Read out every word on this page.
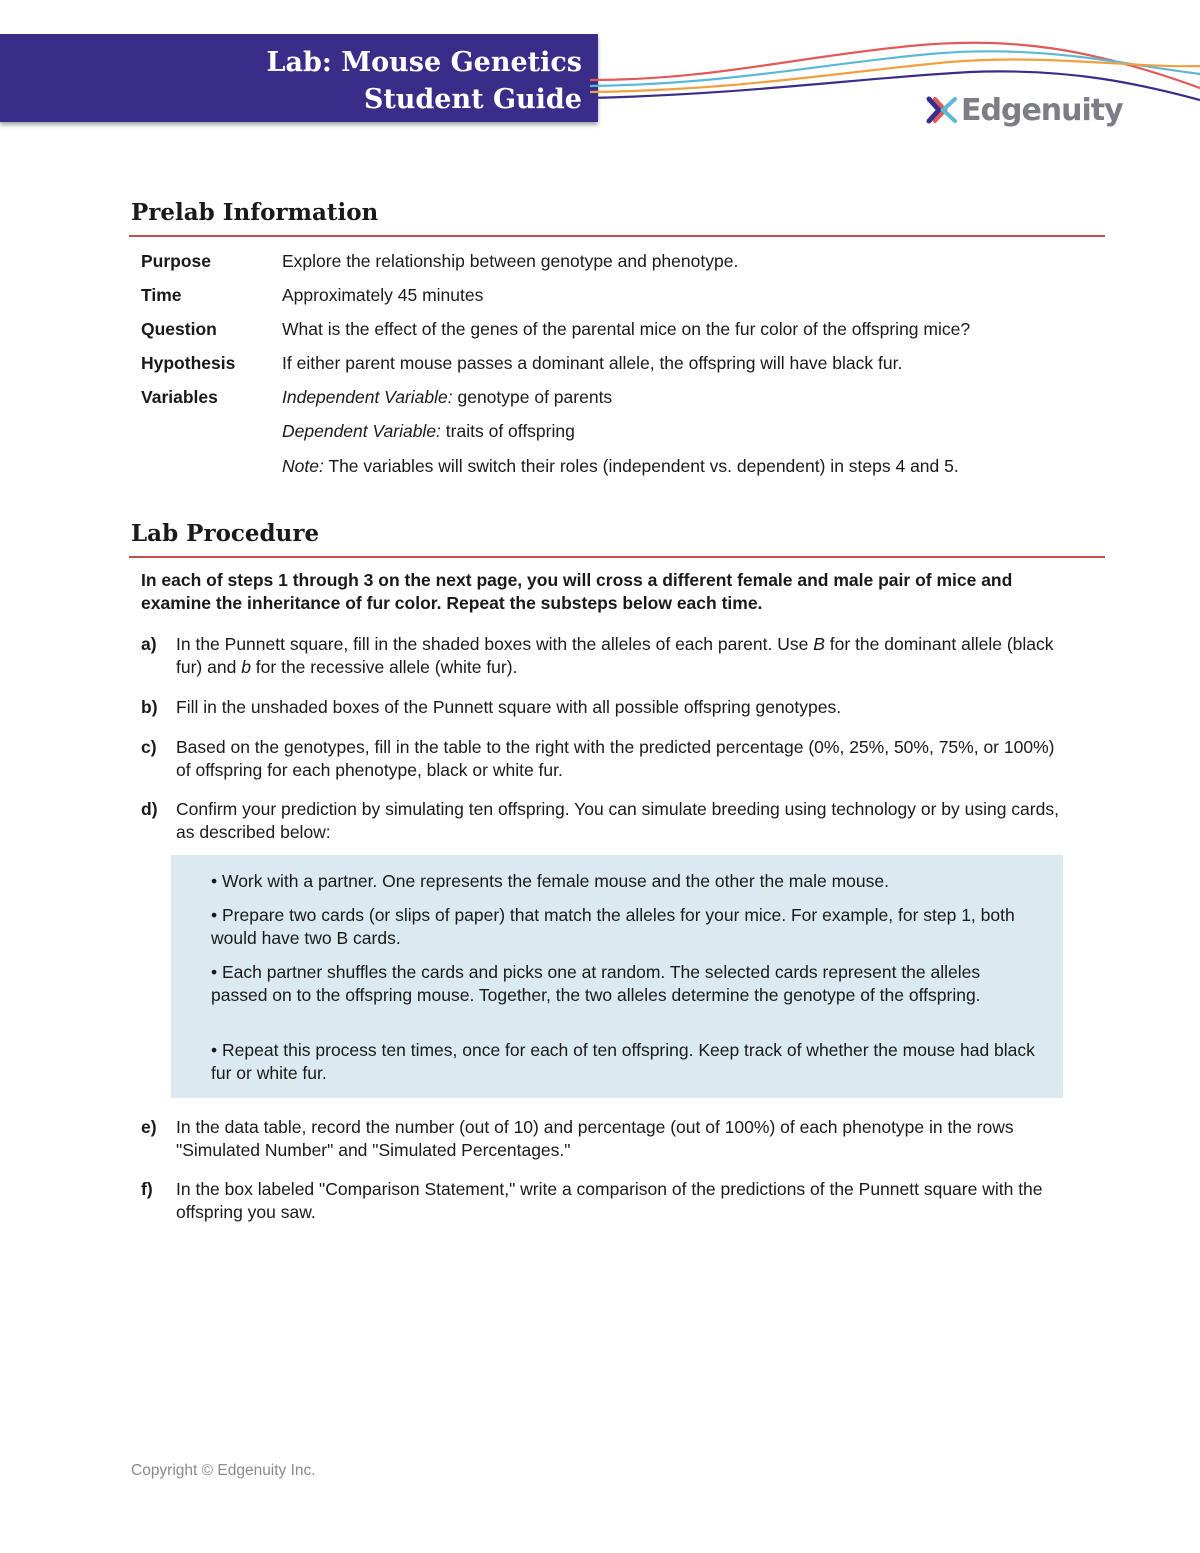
Lab: Mouse Genetics
Student Guide	Edgenuity
Prelab Information
Purpose	Explore the relationship between genotype and phenotype.
Time	Approximately 45 minutes
Question	What is the effect of the genes of the parental mice on the fur color of the offspring mice?
Hypothesis	If either parent mouse passes a dominant allele, the offspring will have black fur.
Variables	Independent Variable: genotype of parents
Dependent Variable: traits of offspring
Note: The variables will switch their roles (independent vs. dependent) in steps 4 and 5.
Lab Procedure
In each of steps 1 through 3 on the next page, you will cross a different female and male pair of mice and examine the inheritance of fur color. Repeat the substeps below each time.
a) In the Punnett square, fill in the shaded boxes with the alleles of each parent. Use B for the dominant allele (black fur) and b for the recessive allele (white fur).
b) Fill in the unshaded boxes of the Punnett square with all possible offspring genotypes.
c) Based on the genotypes, fill in the table to the right with the predicted percentage (0%, 25%, 50%, 75%, or 100%) of offspring for each phenotype, black or white fur.
d) Confirm your prediction by simulating ten offspring. You can simulate breeding using technology or by using cards, as described below:
• Work with a partner. One represents the female mouse and the other the male mouse.
• Prepare two cards (or slips of paper) that match the alleles for your mice. For example, for step 1, both would have two B cards.
• Each partner shuffles the cards and picks one at random. The selected cards represent the alleles passed on to the offspring mouse. Together, the two alleles determine the genotype of the offspring.
• Repeat this process ten times, once for each of ten offspring. Keep track of whether the mouse had black fur or white fur.
e) In the data table, record the number (out of 10) and percentage (out of 100%) of each phenotype in the rows "Simulated Number" and "Simulated Percentages."
f) In the box labeled "Comparison Statement," write a comparison of the predictions of the Punnett square with the offspring you saw.
Copyright © Edgenuity Inc.
